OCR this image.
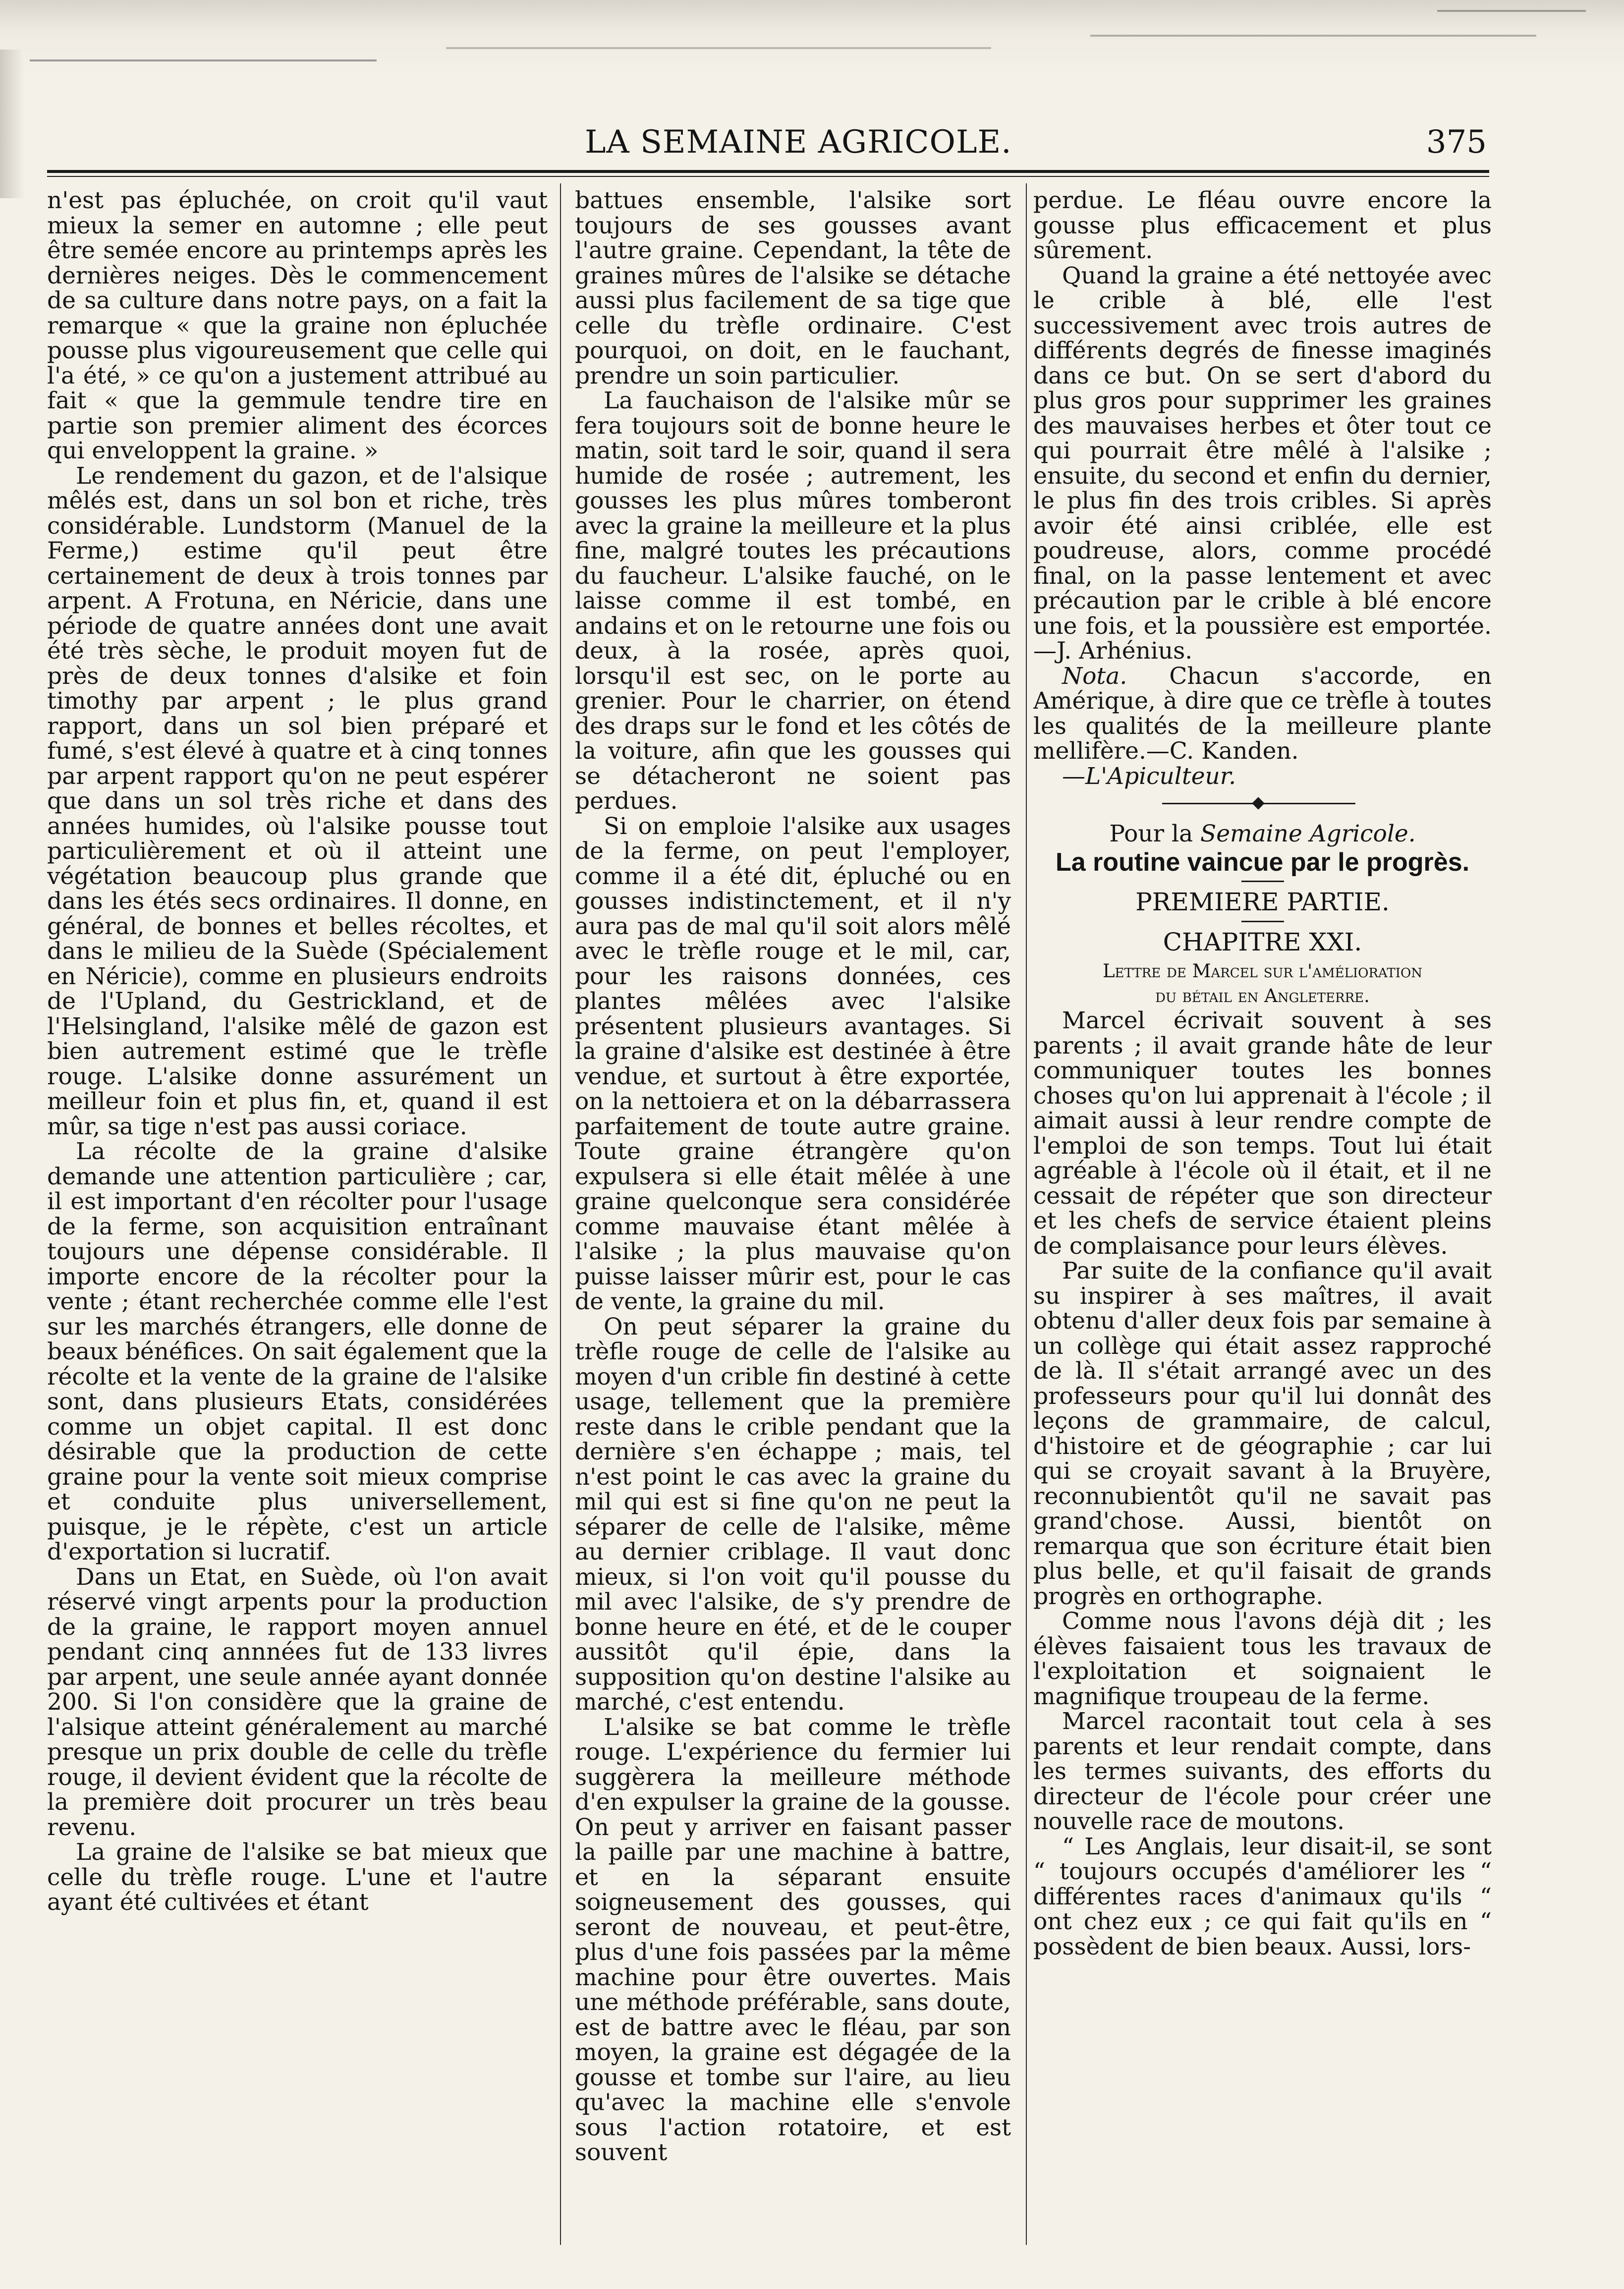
LA SEMAINE AGRICOLE.	375

n'est pas épluchée, on croit qu'il vaut mieux la semer en automne ; elle peut être semée encore au printemps après les dernières neiges. Dès le commencement de sa culture dans notre pays, on a fait la remarque « que la graine non épluchée pousse plus vigoureusement que celle qui l'a été, » ce qu'on a justement attribué au fait « que la gemmule tendre tire en partie son premier aliment des écorces qui enveloppent la graine. »

Le rendement du gazon, et de l'alsique mêlés est, dans un sol bon et riche, très considérable. Lundstorm (Manuel de la Ferme,) estime qu'il peut être certainement de deux à trois tonnes par arpent. A Frotuna, en Néricie, dans une période de quatre années dont une avait été très sèche, le produit moyen fut de près de deux tonnes d'alsike et foin timothy par arpent ; le plus grand rapport, dans un sol bien préparé et fumé, s'est élevé à quatre et à cinq tonnes par arpent rapport qu'on ne peut espérer que dans un sol très riche et dans des années humides, où l'alsike pousse tout particulièrement et où il atteint une végétation beaucoup plus grande que dans les étés secs ordinaires. Il donne, en général, de bonnes et belles récoltes, et dans le milieu de la Suède (Spécialement en Néricie), comme en plusieurs endroits de l'Upland, du Gestrickland, et de l'Helsingland, l'alsike mêlé de gazon est bien autrement estimé que le trèfle rouge. L'alsike donne assurément un meilleur foin et plus fin, et, quand il est mûr, sa tige n'est pas aussi coriace.

La récolte de la graine d'alsike demande une attention particulière ; car, il est important d'en récolter pour l'usage de la ferme, son acquisition entraînant toujours une dépense considérable. Il importe encore de la récolter pour la vente ; étant recherchée comme elle l'est sur les marchés étrangers, elle donne de beaux bénéfices. On sait également que la récolte et la vente de la graine de l'alsike sont, dans plusieurs Etats, considérées comme un objet capital. Il est donc désirable que la production de cette graine pour la vente soit mieux comprise et conduite plus universellement, puisque, je le répète, c'est un article d'exportation si lucratif.

Dans un Etat, en Suède, où l'on avait réservé vingt arpents pour la production de la graine, le rapport moyen annuel pendant cinq annnées fut de 133 livres par arpent, une seule année ayant donnée 200. Si l'on considère que la graine de l'alsique atteint généralement au marché presque un prix double de celle du trèfle rouge, il devient évident que la récolte de la première doit procurer un très beau revenu.

La graine de l'alsike se bat mieux que celle du trèfle rouge. L'une et l'autre ayant été cultivées et étant

battues ensemble, l'alsike sort toujours de ses gousses avant l'autre graine. Cependant, la tête de graines mûres de l'alsike se détache aussi plus facilement de sa tige que celle du trèfle ordinaire. C'est pourquoi, on doit, en le fauchant, prendre un soin particulier.

La fauchaison de l'alsike mûr se fera toujours soit de bonne heure le matin, soit tard le soir, quand il sera humide de rosée ; autrement, les gousses les plus mûres tomberont avec la graine la meilleure et la plus fine, malgré toutes les précautions du faucheur. L'alsike fauché, on le laisse comme il est tombé, en andains et on le retourne une fois ou deux, à la rosée, après quoi, lorsqu'il est sec, on le porte au grenier. Pour le charrier, on étend des draps sur le fond et les côtés de la voiture, afin que les gousses qui se détacheront ne soient pas perdues.

Si on emploie l'alsike aux usages de la ferme, on peut l'employer, comme il a été dit, épluché ou en gousses indistinctement, et il n'y aura pas de mal qu'il soit alors mêlé avec le trèfle rouge et le mil, car, pour les raisons données, ces plantes mêlées avec l'alsike présentent plusieurs avantages. Si la graine d'alsike est destinée à être vendue, et surtout à être exportée, on la nettoiera et on la débarrassera parfaitement de toute autre graine. Toute graine étrangère qu'on expulsera si elle était mêlée à une graine quelconque sera considérée comme mauvaise étant mêlée à l'alsike ; la plus mauvaise qu'on puisse laisser mûrir est, pour le cas de vente, la graine du mil.

On peut séparer la graine du trèfle rouge de celle de l'alsike au moyen d'un crible fin destiné à cette usage, tellement que la première reste dans le crible pendant que la dernière s'en échappe ; mais, tel n'est point le cas avec la graine du mil qui est si fine qu'on ne peut la séparer de celle de l'alsike, même au dernier criblage. Il vaut donc mieux, si l'on voit qu'il pousse du mil avec l'alsike, de s'y prendre de bonne heure en été, et de le couper aussitôt qu'il épie, dans la supposition qu'on destine l'alsike au marché, c'est entendu.

L'alsike se bat comme le trèfle rouge. L'expérience du fermier lui suggèrera la meilleure méthode d'en expulser la graine de la gousse. On peut y arriver en faisant passer la paille par une machine à battre, et en la séparant ensuite soigneusement des gousses, qui seront de nouveau, et peut-être, plus d'une fois passées par la même machine pour être ouvertes. Mais une méthode préférable, sans doute, est de battre avec le fléau, par son moyen, la graine est dégagée de la gousse et tombe sur l'aire, au lieu qu'avec la machine elle s'envole sous l'action rotatoire, et est souvent

perdue. Le fléau ouvre encore la gousse plus efficacement et plus sûrement.

Quand la graine a été nettoyée avec le crible à blé, elle l'est successivement avec trois autres de différents degrés de finesse imaginés dans ce but. On se sert d'abord du plus gros pour supprimer les graines des mauvaises herbes et ôter tout ce qui pourrait être mêlé à l'alsike ; ensuite, du second et enfin du dernier, le plus fin des trois cribles. Si après avoir été ainsi criblée, elle est poudreuse, alors, comme procédé final, on la passe lentement et avec précaution par le crible à blé encore une fois, et la poussière est emportée.—J. Arhénius.

Nota. Chacun s'accorde, en Amérique, à dire que ce trèfle à toutes les qualités de la meilleure plante mellifère.—C. Kanden.

—L'Apiculteur.

Pour la Semaine Agricole.

La routine vaincue par le progrès.
PREMIERE PARTIE.
CHAPITRE XXI.
Lettre de Marcel sur l'amélioration
du bétail en Angleterre.

Marcel écrivait souvent à ses parents ; il avait grande hâte de leur communiquer toutes les bonnes choses qu'on lui apprenait à l'école ; il aimait aussi à leur rendre compte de l'emploi de son temps. Tout lui était agréable à l'école où il était, et il ne cessait de répéter que son directeur et les chefs de service étaient pleins de complaisance pour leurs élèves.

Par suite de la confiance qu'il avait su inspirer à ses maîtres, il avait obtenu d'aller deux fois par semaine à un collège qui était assez rapproché de là. Il s'était arrangé avec un des professeurs pour qu'il lui donnât des leçons de grammaire, de calcul, d'histoire et de géographie ; car lui qui se croyait savant à la Bruyère, reconnubientôt qu'il ne savait pas grand'chose. Aussi, bientôt on remarqua que son écriture était bien plus belle, et qu'il faisait de grands progrès en orthographe.

Comme nous l'avons déjà dit ; les élèves faisaient tous les travaux de l'exploitation et soignaient le magnifique troupeau de la ferme.

Marcel racontait tout cela à ses parents et leur rendait compte, dans les termes suivants, des efforts du directeur de l'école pour créer une nouvelle race de moutons.

“ Les Anglais, leur disait-il, se sont “ toujours occupés d'améliorer les “ différentes races d'animaux qu'ils “ ont chez eux ; ce qui fait qu'ils en “ possèdent de bien beaux. Aussi, lors-
